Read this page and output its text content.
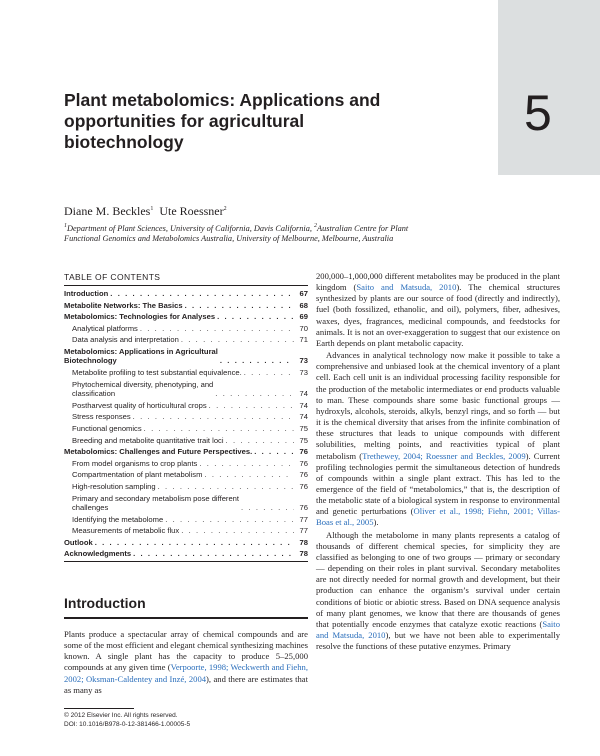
5
Plant metabolomics: Applications and opportunities for agricultural biotechnology
Diane M. Beckles$^1$ Ute Roessner$^2$
$^1$Department of Plant Sciences, University of California, Davis California, $^2$Australian Centre for Plant Functional Genomics and Metabolomics Australia, University of Melbourne, Melbourne, Australia
TABLE OF CONTENTS
Introduction . . .	67
Metabolite Networks: The Basics . . .	68
Metabolomics: Technologies for Analyses . . .	69
Analytical platforms . . .	70
Data analysis and interpretation . . .	71
Metabolomics: Applications in Agricultural
Biotechnology . . .	73
Metabolite profiling to test substantial equivalence. . . .	73
Phytochemical diversity, phenotyping, and
classification . . .	74
Postharvest quality of horticultural crops . . .	74
Stress responses . . .	74
Functional genomics . . .	75
Breeding and metabolite quantitative trait loci . . .	75
Metabolomics: Challenges and Future Perspectives. . . .	76
From model organisms to crop plants . . .	76
Compartmentation of plant metabolism . . .	76
High-resolution sampling . . .	76
Primary and secondary metabolism pose different
challenges . . .	76
Identifying the metabolome . . .	77
Measurements of metabolic flux . . .	77
Outlook . . .	78
Acknowledgments . . .	78
Introduction
Plants produce a spectacular array of chemical compounds and are some of the most efficient and elegant chemical synthesizing machines known. A single plant has the capacity to produce 5–25,000 compounds at any given time (Verpoorte, 1998; Weckwerth and Fiehn, 2002; Oksman-Caldentey and Inzé, 2004), and there are estimates that as many as

200,000–1,000,000 different metabolites may be produced in the plant kingdom (Saito and Matsuda, 2010). The chemical structures synthesized by plants are our source of food (directly and indirectly), fuel (both fossilized, ethanolic, and oil), polymers, fiber, adhesives, waxes, dyes, fragrances, medicinal compounds, and feedstocks for animals. It is not an over-exaggeration to suggest that our existence on Earth depends on plant metabolic capacity.

Advances in analytical technology now make it possible to take a comprehensive and unbiased look at the chemical inventory of a plant cell. Each cell unit is an individual processing facility responsible for the production of the metabolic intermediates or end products valuable to man. These compounds share some basic functional groups — hydroxyls, alcohols, steroids, alkyls, benzyl rings, and so forth — but it is the chemical diversity that arises from the infinite combination of these structures that leads to unique compounds with different solubilities, melting points, and reactivities typical of plant metabolism (Trethewey, 2004; Roessner and Beckles, 2009). Current profiling technologies permit the simultaneous detection of hundreds of compounds within a single plant extract. This has led to the emergence of the field of “metabolomics,” that is, the description of the metabolic state of a biological system in response to environmental and genetic perturbations (Oliver et al., 1998; Fiehn, 2001; Villas-Boas et al., 2005).

Although the metabolome in many plants represents a catalog of thousands of different chemical species, for simplicity they are classified as belonging to one of two groups — primary or secondary — depending on their roles in plant survival. Secondary metabolites are not directly needed for normal growth and development, but their production can enhance the organism’s survival under certain conditions of biotic or abiotic stress. Based on DNA sequence analysis of many plant genomes, we know that there are thousands of genes that potentially encode enzymes that catalyze exotic reactions (Saito and Matsuda, 2010), but we have not been able to experimentally resolve the functions of these putative enzymes. Primary

© 2012 Elsevier Inc. All rights reserved.
DOI: 10.1016/B978-0-12-381466-1.00005-5
